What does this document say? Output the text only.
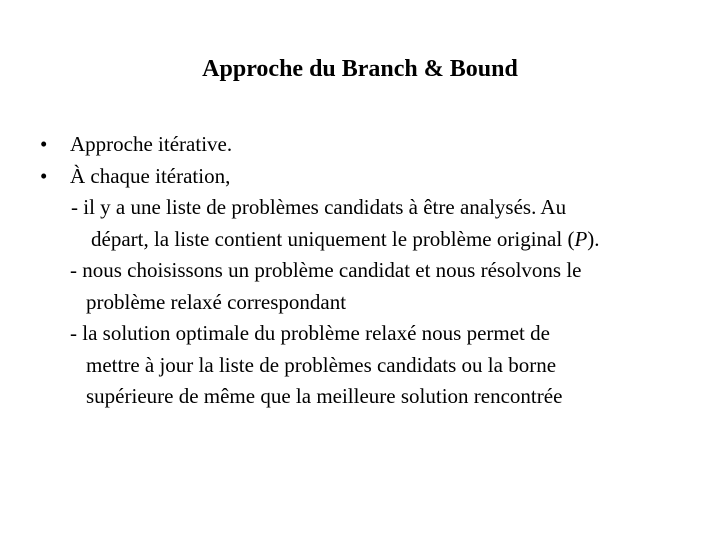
Approche du Branch & Bound
• Approche itérative.
• À chaque itération,
- il y a une liste de problèmes candidats à être analysés. Au
départ, la liste contient uniquement le problème original (P).
- nous choisissons un problème candidat et nous résolvons le
problème relaxé correspondant
- la solution optimale du problème relaxé nous permet de
mettre à jour la liste de problèmes candidats ou la borne
supérieure de même que la meilleure solution rencontrée
